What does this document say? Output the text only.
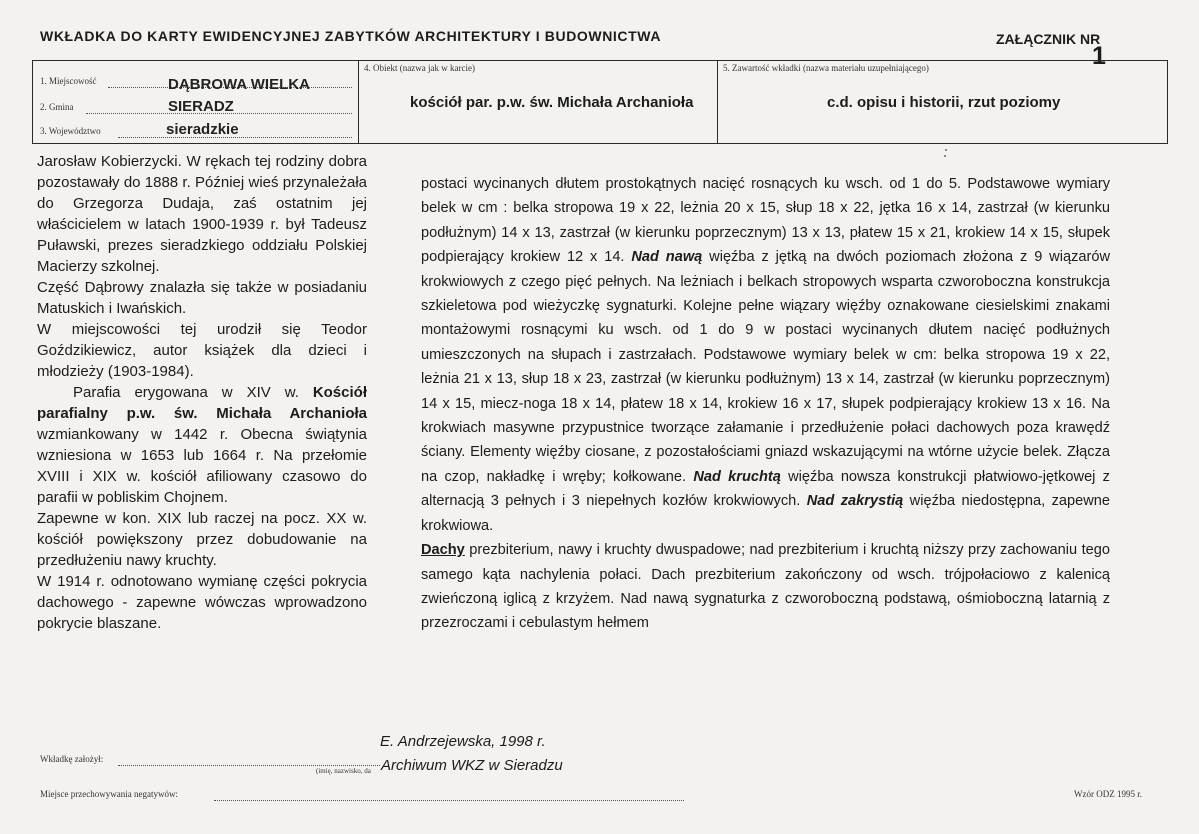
WKŁADKA DO KARTY EWIDENCYJNEJ ZABYTKÓW ARCHITEKTURY I BUDOWNICTWA	ZAŁĄCZNIK NR
1
1. Miejscowość	DĄBROWA WIELKA
2. Gmina	SIERADZ
3. Województwo	sieradzkie
4. Obiekt (nazwa jak w karcie)
kościół par. p.w. św. Michała Archanioła
5. Zawartość wkładki (nazwa materiału uzupełniającego)
c.d. opisu i historii, rzut poziomy

Jarosław Kobierzycki. W rękach tej rodziny dobra pozostawały do 1888 r. Później wieś przynależała do Grzegorza Dudaja, zaś ostatnim jej właścicielem w latach 1900-1939 r. był Tadeusz Puławski, prezes sieradzkiego oddziału Polskiej Macierzy szkolnej.

Część Dąbrowy znalazła się także w posiadaniu Matuskich i Iwańskich.

W miejscowości tej urodził się Teodor Goździkiewicz, autor książek dla dzieci i młodzieży (1903-1984).

Parafia erygowana w XIV w. Kościół parafialny p.w. św. Michała Archanioła wzmiankowany w 1442 r. Obecna świątynia wzniesiona w 1653 lub 1664 r. Na przełomie XVIII i XIX w. kościół afiliowany czasowo do parafii w pobliskim Chojnem.

Zapewne w kon. XIX lub raczej na pocz. XX w. kościół powiększony przez dobudowanie na przedłużeniu nawy kruchty.

W 1914 r. odnotowano wymianę części pokrycia dachowego - zapewne wówczas wprowadzono pokrycie blaszane.

postaci wycinanych dłutem prostokątnych nacięć rosnących ku wsch. od 1 do 5. Podstawowe wymiary belek w cm : belka stropowa 19 x 22, leżnia 20 x 15, słup 18 x 22, jętka 16 x 14, zastrzał (w kierunku podłużnym) 14 x 13, zastrzał (w kierunku poprzecznym) 13 x 13, płatew 15 x 21, krokiew 14 x 15, słupek podpierający krokiew 12 x 14. Nad nawą więźba z jętką na dwóch poziomach złożona z 9 wiązarów krokwiowych z czego pięć pełnych. Na leżniach i belkach stropowych wsparta czworoboczna konstrukcja szkieletowa pod wieżyczkę sygnaturki. Kolejne pełne wiązary więźby oznakowane ciesielskimi znakami montażowymi rosnącymi ku wsch. od 1 do 9 w postaci wycinanych dłutem nacięć podłużnych umieszczonych na słupach i zastrzałach. Podstawowe wymiary belek w cm: belka stropowa 19 x 22, leżnia 21 x 13, słup 18 x 23, zastrzał (w kierunku podłużnym) 13 x 14, zastrzał (w kierunku poprzecznym) 14 x 15, miecz-noga 18 x 14, płatew 18 x 14, krokiew 16 x 17, słupek podpierający krokiew 13 x 16. Na krokwiach masywne przypustnice tworzące załamanie i przedłużenie połaci dachowych poza krawędź ściany. Elementy więźby ciosane, z pozostałościami gniazd wskazującymi na wtórne użycie belek. Złącza na czop, nakładkę i wręby; kołkowane. Nad kruchtą więźba nowsza konstrukcji płatwiowo-jętkowej z alternacją 3 pełnych i 3 niepełnych kozłów krokwiowych. Nad zakrystią więźba niedostępna, zapewne krokwiowa.

Dachy prezbiterium, nawy i kruchty dwuspadowe; nad prezbiterium i kruchtą niższy przy zachowaniu tego samego kąta nachylenia połaci. Dach prezbiterium zakończony od wsch. trójpołaciowo z kalenicą zwieńczoną iglicą z krzyżem. Nad nawą sygnaturka z czworoboczną podstawą, ośmioboczną latarnią z przezroczami i cebulastym hełmem

E. Andrzejewska, 1998 r.
Wkładkę założył:
(imię, nazwisko, da Archiwum WKZ w Sieradzu
Miejsce przechowywania negatywów:	Wzór ODZ 1995 r.
